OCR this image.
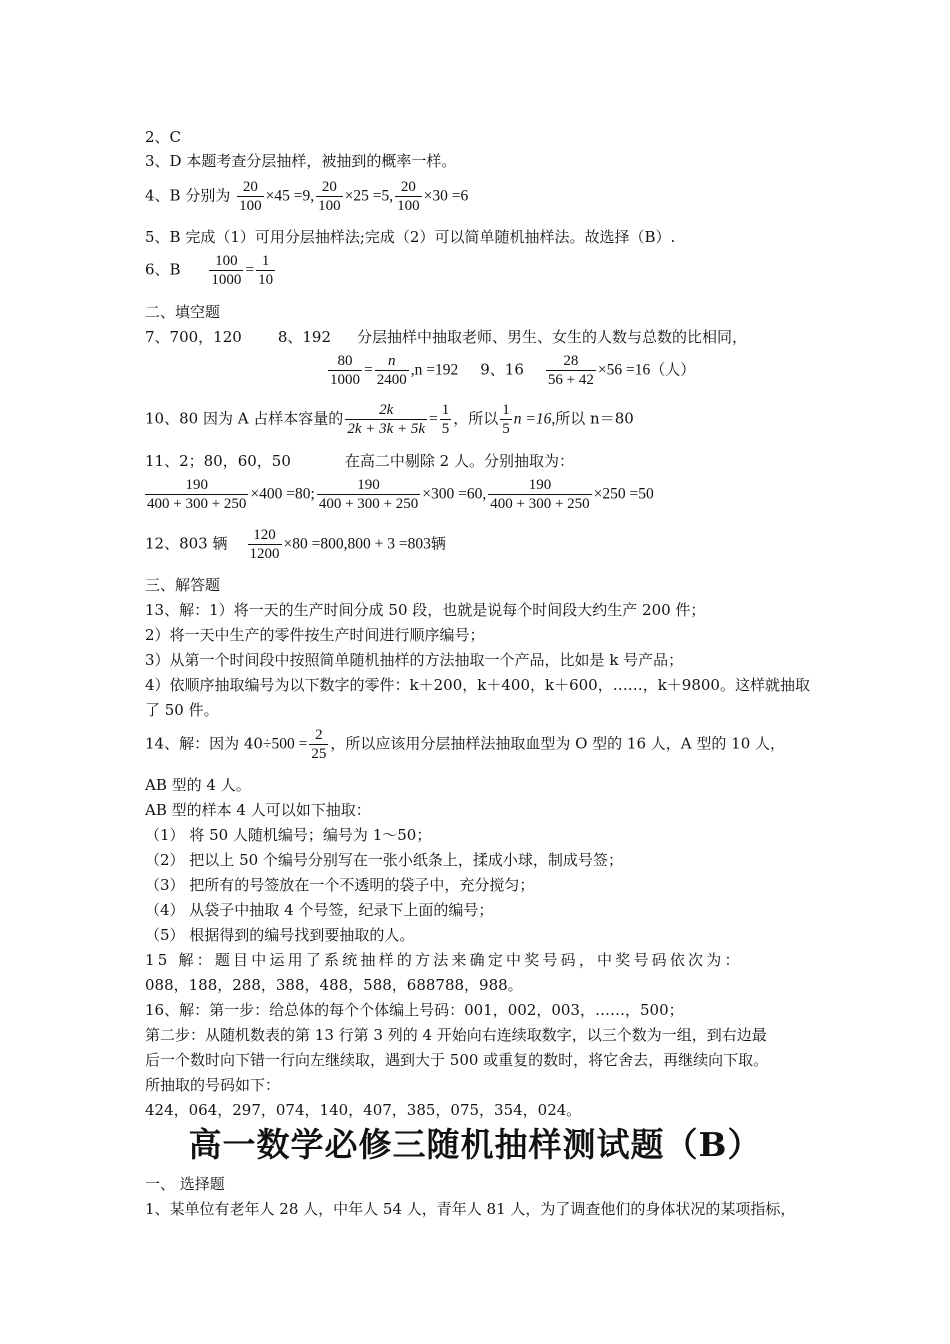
2、C
3、D 本题考查分层抽样，被抽到的概率一样。
4、B 分别为 $\frac{20}{100} \times 45 =9$, $\frac{20}{100} \times 25 =5$, $\frac{20}{100} \times 30 =6$
5、B 完成（1）可用分层抽样法;完成（2）可以简单随机抽样法。故选择（B）.
6、B $\frac{100}{1000} = \frac{1}{10}$
二、填空题
7、700，120 8、192 分层抽样中抽取老师、男生、女生的人数与总数的比相同，
$\frac{80}{1000} = \frac{n}{2400} ,n =192$ 9、$16 \frac{28}{56 + 42} \times 56 =16$（人）
10、80 因为 A 占样本容量的 $\frac{2k}{2k + 3k + 5k} = \frac{1}{5}$ ，所以 $\frac{1}{5}$ n =16,所以 n＝80
11、2；80，60，50	在高二中剔除 2 人。分别抽取为：
$\frac{190}{400 + 300 + 250} \times 400 =80$; $\frac{190}{400 + 300 + 250} \times 300 =60$, $\frac{190}{400 + 300 + 250} \times 250 =50$
12、803 辆 $\frac{120}{1200} \times 80 =800,800 + 3 =803$辆
三、解答题
13、解：1）将一天的生产时间分成 50 段，也就是说每个时间段大约生产 200 件；
2）将一天中生产的零件按生产时间进行顺序编号；
3）从第一个时间段中按照简单随机抽样的方法抽取一个产品，比如是 k 号产品；
4）依顺序抽取编号为以下数字的零件：k＋200，k＋400，k＋600，……，k＋9800。这样就抽取
了 50 件。
14、解：因为 $40\div 500 = \frac{2}{25}$ ，所以应该用分层抽样法抽取血型为 O 型的 16 人，A 型的 10 人，
AB 型的 4 人。
AB 型的样本 4 人可以如下抽取：
（1） 将 50 人随机编号；编号为 1～50；
（2） 把以上 50 个编号分别写在一张小纸条上，揉成小球，制成号签；
（3） 把所有的号签放在一个不透明的袋子中，充分搅匀；
（4） 从袋子中抽取 4 个号签，纪录下上面的编号；
（5） 根据得到的编号找到要抽取的人。
15 解：题目中运用了系统抽样的方法来确定中奖号码，中奖号码依次为：
088，188，288，388，488，588，688788，988。
16、解：第一步：给总体的每个个体编上号码：001，002，003，……，500；
第二步：从随机数表的第 13 行第 3 列的 4 开始向右连续取数字，以三个数为一组，到右边最
后一个数时向下错一行向左继续取，遇到大于 500 或重复的数时，将它舍去，再继续向下取。
所抽取的号码如下：
424，064，297，074，140，407，385，075，354，024。
高一数学必修三随机抽样测试题（B）
一、 选择题
1、某单位有老年人 28 人，中年人 54 人，青年人 81 人，为了调查他们的身体状况的某项指标，
